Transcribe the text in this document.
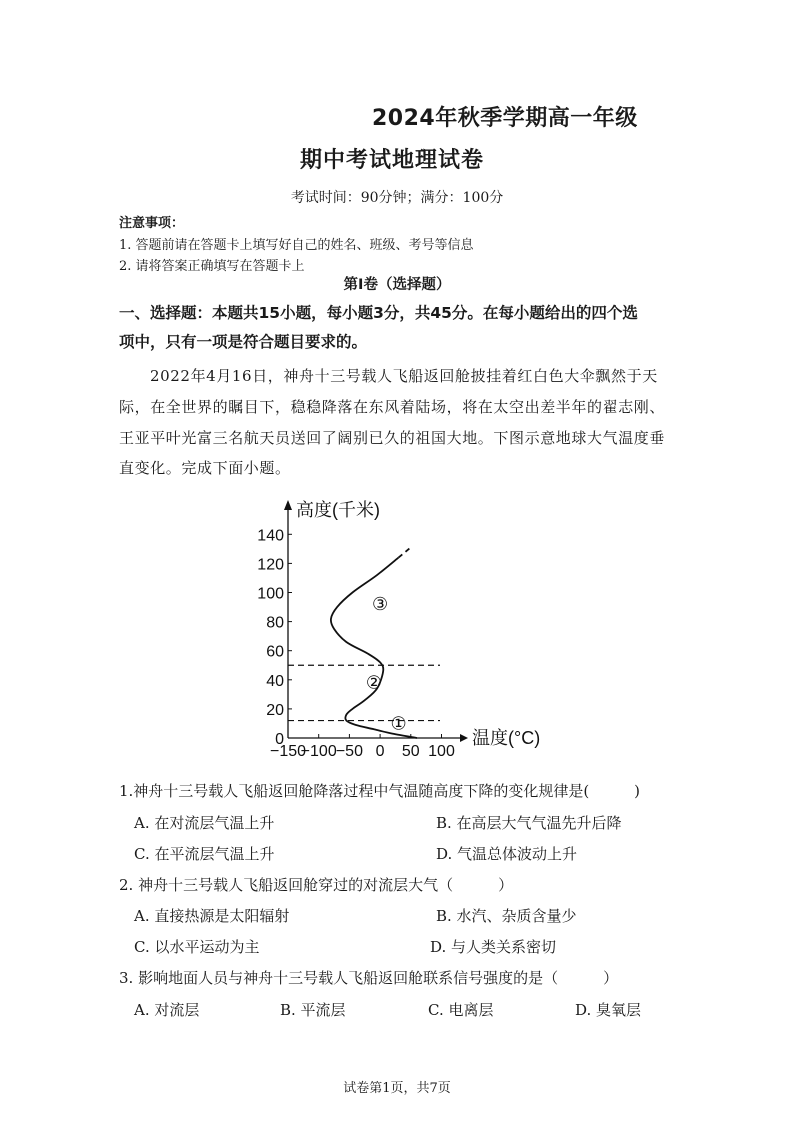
2024年秋季学期高一年级
期中考试地理试卷
考试时间：90分钟；满分：100分
注意事项：
1. 答题前请在答题卡上填写好自己的姓名、班级、考号等信息
2. 请将答案正确填写在答题卡上
第Ⅰ卷（选择题）
一、选择题：本题共15小题，每小题3分，共45分。在每小题给出的四个选
项中，只有一项是符合题目要求的。
2022年4月16日，神舟十三号载人飞船返回舱披挂着红白色大伞飘然于天
际，在全世界的瞩目下，稳稳降落在东风着陆场，将在太空出差半年的翟志刚、
王亚平叶光富三名航天员送回了阔别已久的祖国大地。下图示意地球大气温度垂
直变化。完成下面小题。
0
20
40
60
80
100
120
140
−150
−100 −50 0 50 100
高度(千米)
温度(°C)
①
②
③
1.神舟十三号载人飞船返回舱降落过程中气温随高度下降的变化规律是(　　　)
A. 在对流层气温上升	B. 在高层大气气温先升后降
C. 在平流层气温上升	D. 气温总体波动上升
2. 神舟十三号载人飞船返回舱穿过的对流层大气（　　　）
A. 直接热源是太阳辐射	B. 水汽、杂质含量少
C. 以水平运动为主	D. 与人类关系密切
3. 影响地面人员与神舟十三号载人飞船返回舱联系信号强度的是（　　　）
A. 对流层	B. 平流层	C. 电离层	D. 臭氧层
试卷第1页，共7页
